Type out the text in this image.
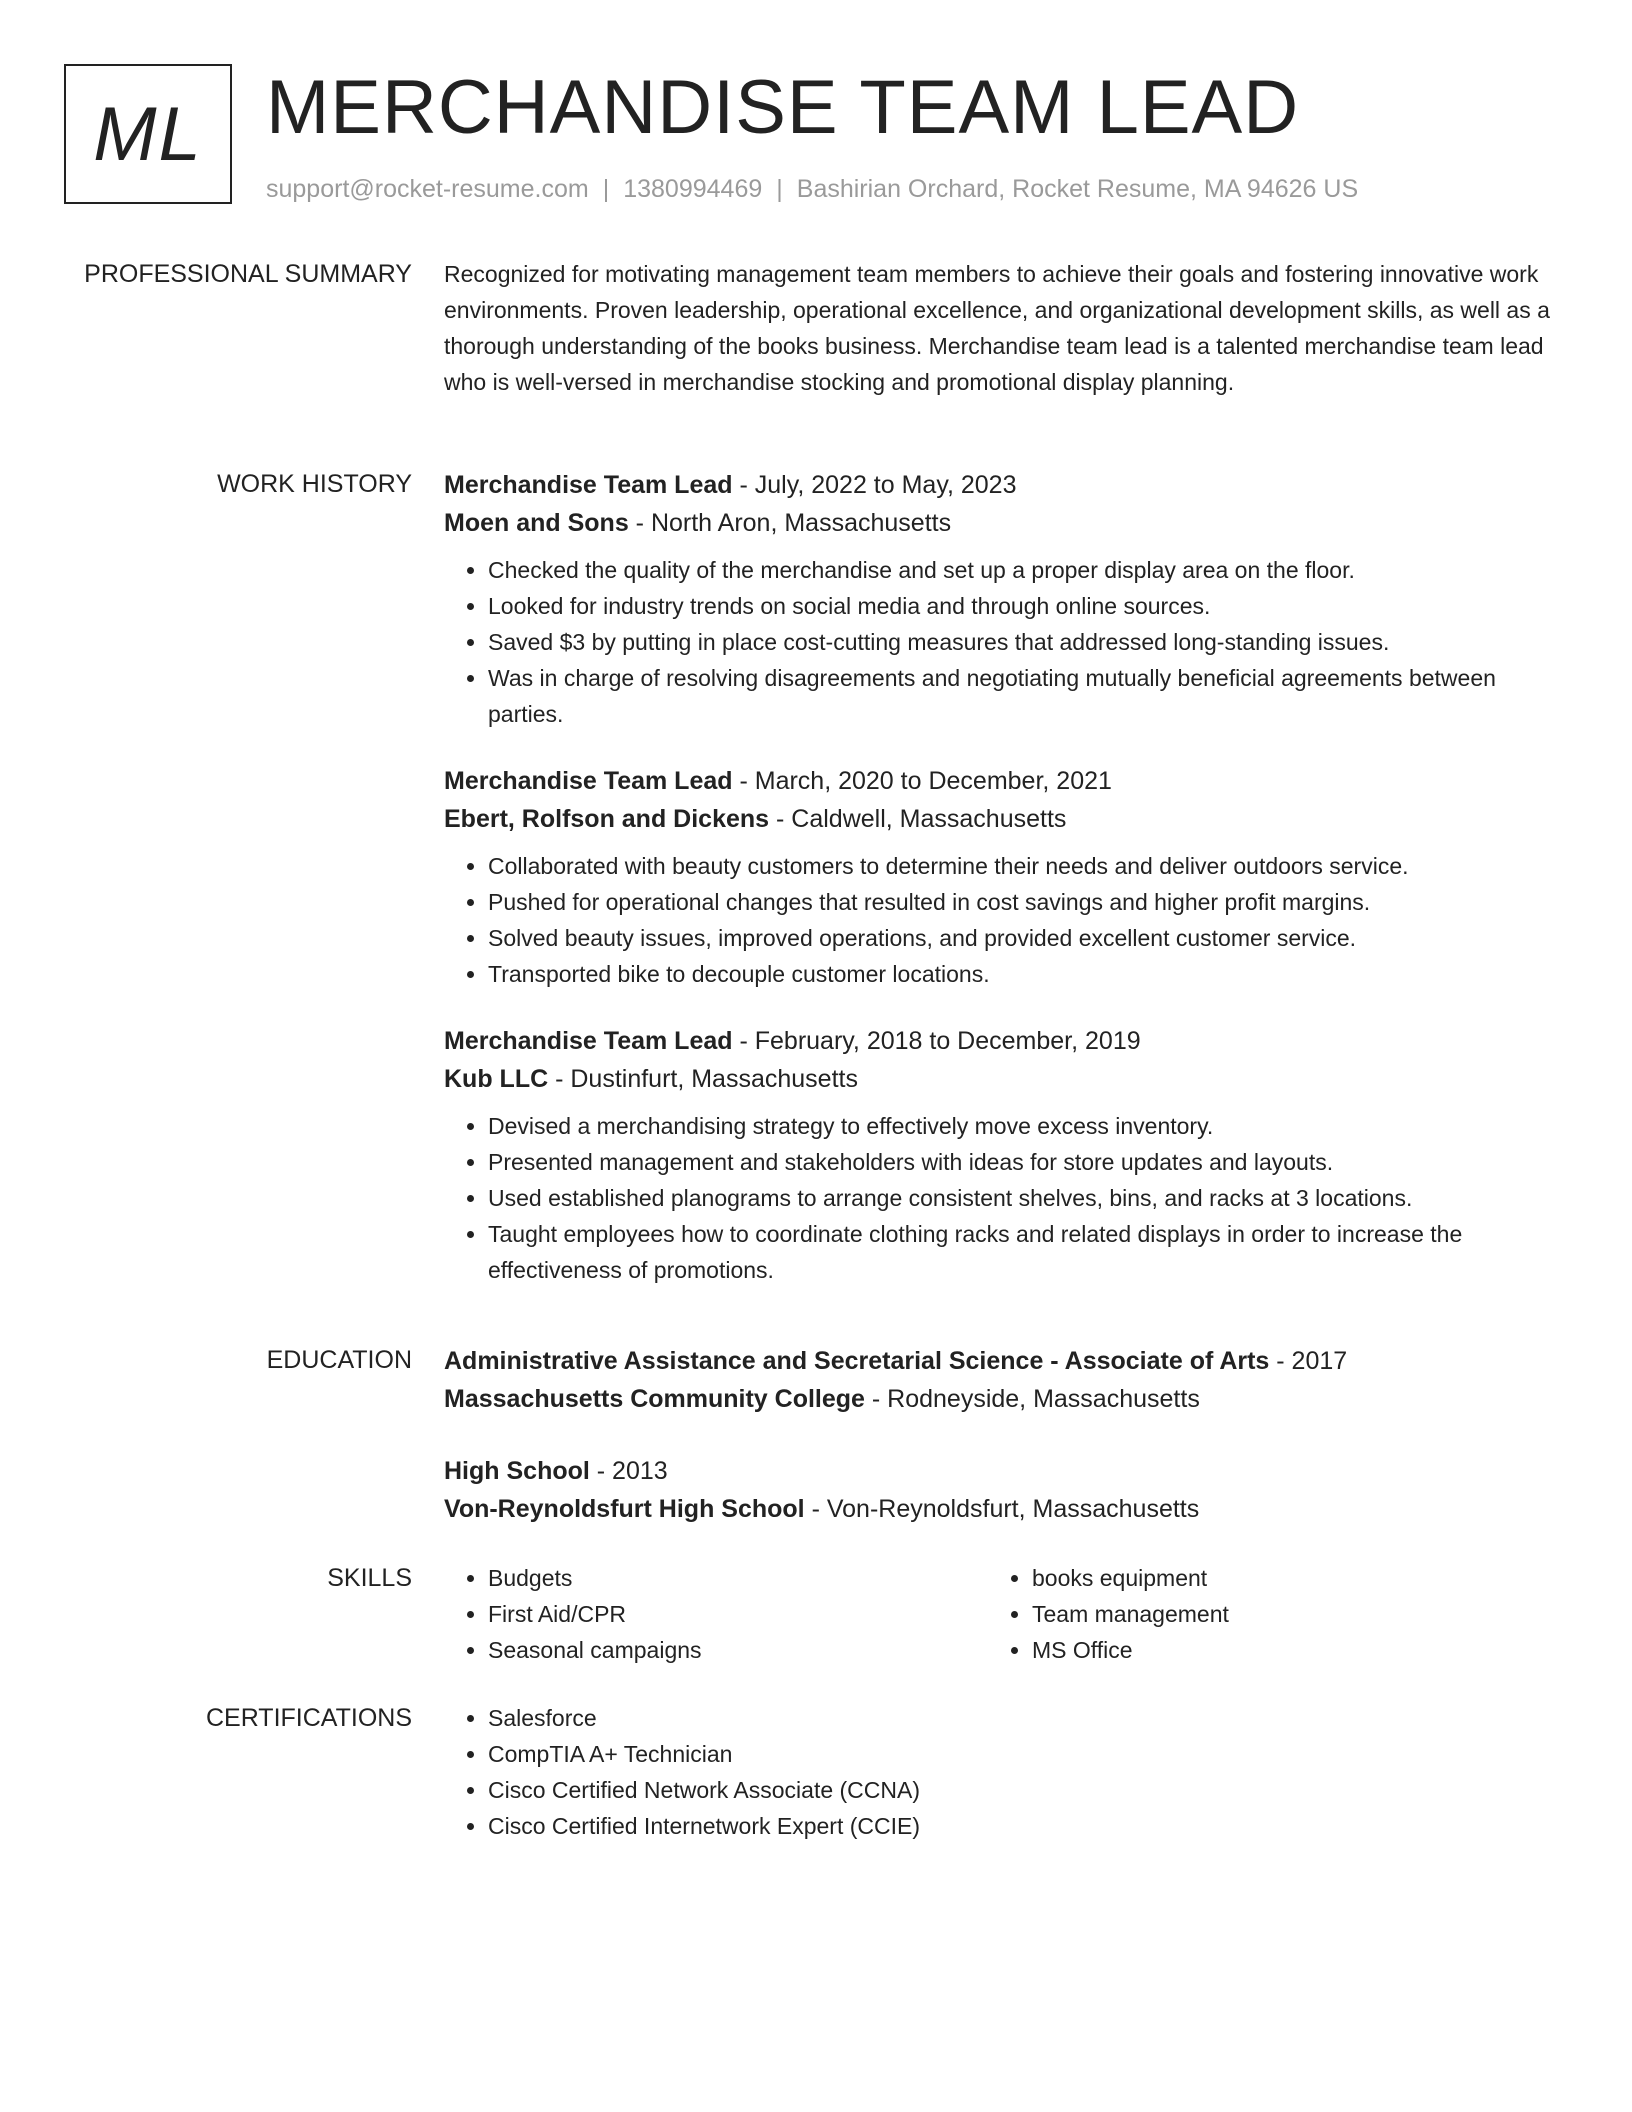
ML MERCHANDISE TEAM LEAD
support@rocket-resume.com | 1380994469 | Bashirian Orchard, Rocket Resume, MA 94626 US
PROFESSIONAL SUMMARY Recognized for motivating management team members to achieve their goals and fostering innovative work environments. Proven leadership, operational excellence, and organizational development skills, as well as a thorough understanding of the books business. Merchandise team lead is a talented merchandise team lead who is well-versed in merchandise stocking and promotional display planning.

WORK HISTORY Merchandise Team Lead - July, 2022 to May, 2023
Moen and Sons - North Aron, Massachusetts
• Checked the quality of the merchandise and set up a proper display area on the floor.
• Looked for industry trends on social media and through online sources.
• Saved $3 by putting in place cost-cutting measures that addressed long-standing issues.
• Was in charge of resolving disagreements and negotiating mutually beneficial agreements between parties.
Merchandise Team Lead - March, 2020 to December, 2021
Ebert, Rolfson and Dickens - Caldwell, Massachusetts
• Collaborated with beauty customers to determine their needs and deliver outdoors service.
• Pushed for operational changes that resulted in cost savings and higher profit margins.
• Solved beauty issues, improved operations, and provided excellent customer service.
• Transported bike to decouple customer locations.
Merchandise Team Lead - February, 2018 to December, 2019
Kub LLC - Dustinfurt, Massachusetts
• Devised a merchandising strategy to effectively move excess inventory.
• Presented management and stakeholders with ideas for store updates and layouts.
• Used established planograms to arrange consistent shelves, bins, and racks at 3 locations.
• Taught employees how to coordinate clothing racks and related displays in order to increase the effectiveness of promotions.
EDUCATION Administrative Assistance and Secretarial Science - Associate of Arts - 2017
Massachusetts Community College - Rodneyside, Massachusetts
High School - 2013
Von-Reynoldsfurt High School - Von-Reynoldsfurt, Massachusetts
SKILLS	• Budgets
• First Aid/CPR
• Seasonal campaigns
• books equipment
• Team management
• MS Office
CERTIFICATIONS	• Salesforce
• CompTIA A+ Technician
• Cisco Certified Network Associate (CCNA)
• Cisco Certified Internetwork Expert (CCIE)
